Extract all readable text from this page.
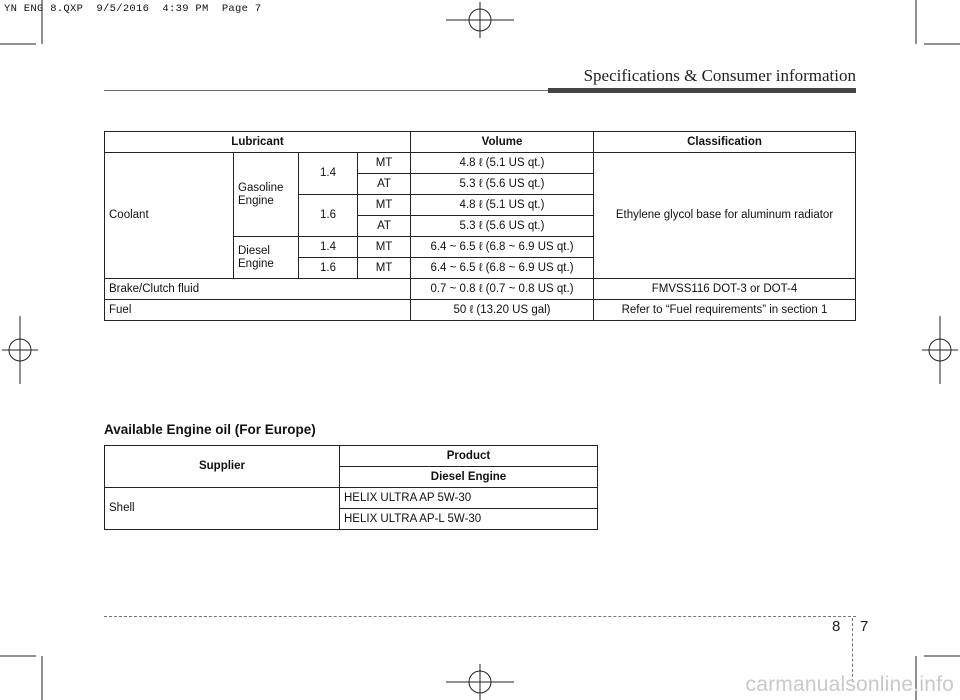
YN ENG 8.QXP  9/5/2016  4:39 PM  Page 7
Specifications & Consumer information
Lubricant				Volume	Classification
Coolant	Gasoline Engine	1.4	MT	4.8 ℓ (5.1 US qt.)	Ethylene glycol base for aluminum radiator
			AT	5.3 ℓ (5.6 US qt.)	
		1.6	MT	4.8 ℓ (5.1 US qt.)	
			AT	5.3 ℓ (5.6 US qt.)	
	Diesel Engine	1.4	MT	6.4 ~ 6.5 ℓ (6.8 ~ 6.9 US qt.)	
		1.6	MT	6.4 ~ 6.5 ℓ (6.8 ~ 6.9 US qt.)	
Brake/Clutch fluid				0.7 ~ 0.8 ℓ (0.7 ~ 0.8 US qt.)	FMVSS116 DOT-3 or DOT-4
Fuel				50 ℓ (13.20 US gal)	Refer to “Fuel requirements” in section 1
Available Engine oil (For Europe)
Supplier	Product
	Diesel Engine
Shell	HELIX ULTRA AP 5W-30
	HELIX ULTRA AP-L 5W-30
8 7
carmanualsonline.info
